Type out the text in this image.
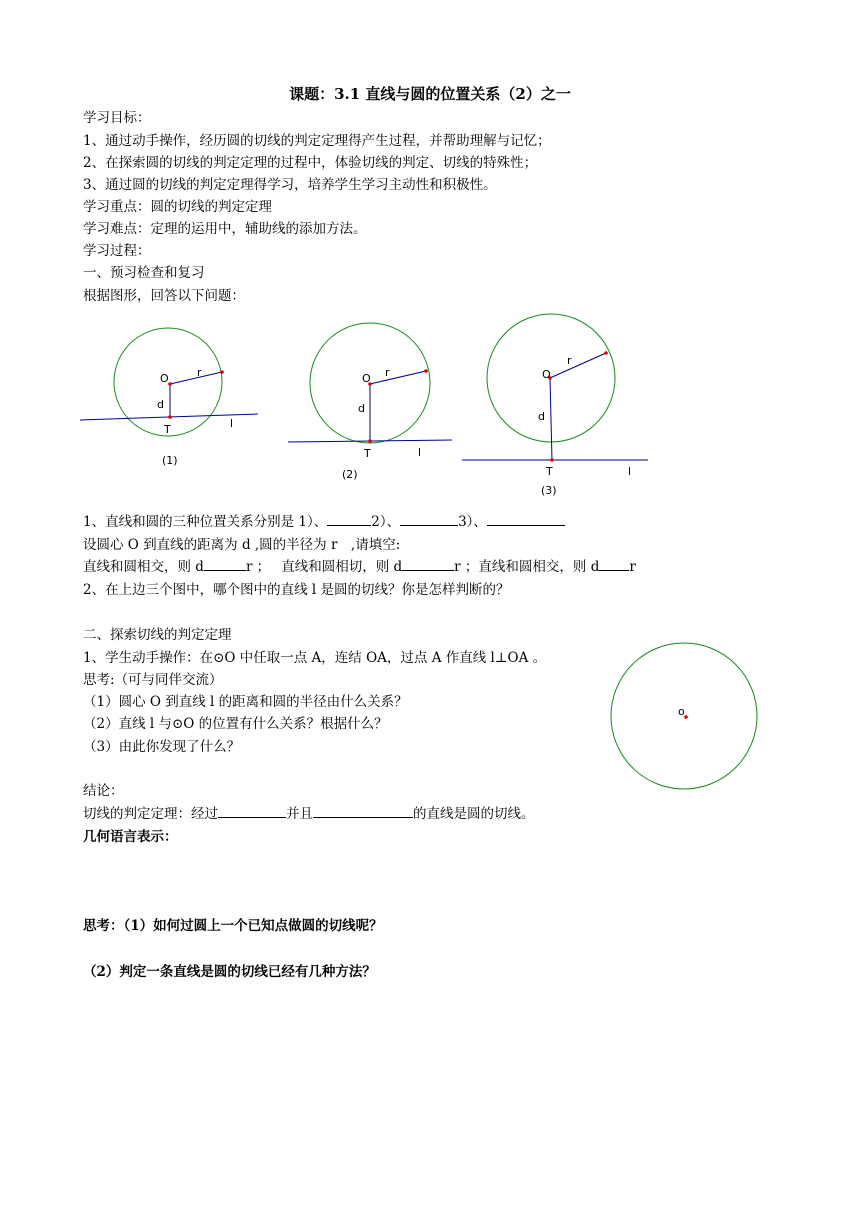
课题：3.1 直线与圆的位置关系（2）之一
学习目标：
1、通过动手操作，经历圆的切线的判定定理得产生过程，并帮助理解与记忆；
2、在探索圆的切线的判定定理的过程中，体验切线的判定、切线的特殊性；
3、通过圆的切线的判定定理得学习，培养学生学习主动性和积极性。
学习重点：圆的切线的判定定理
学习难点：定理的运用中，辅助线的添加方法。
学习过程：
一、预习检查和复习
根据图形，回答以下问题：
O	r
d
T	l
(1)
O r
d
T	l
(2)
O
r
d
T	l
(3)
1、直线和圆的三种位置关系分别是 1）、	2）、	3）、
设圆心 O 到直线的距离为 d ,圆的半径为 r　,请填空:
直线和圆相交，则 d	r ；　 直线和圆相切，则 d	r ；直线和圆相交，则 d r
2、在上边三个图中，哪个图中的直线 l 是圆的切线？你是怎样判断的？
二、探索切线的判定定理
1、学生动手操作：在⊙O 中任取一点 A，连结 OA，过点 A 作直线 l⊥OA 。
思考:（可与同伴交流）
（1）圆心 O 到直线 l 的距离和圆的半径由什么关系？
（2）直线 l 与⊙O 的位置有什么关系？根据什么？
（3）由此你发现了什么？
o
结论：
切线的判定定理：经过	并且	的直线是圆的切线。
几何语言表示：
思考：（1）如何过圆上一个已知点做圆的切线呢？
（2）判定一条直线是圆的切线已经有几种方法？
